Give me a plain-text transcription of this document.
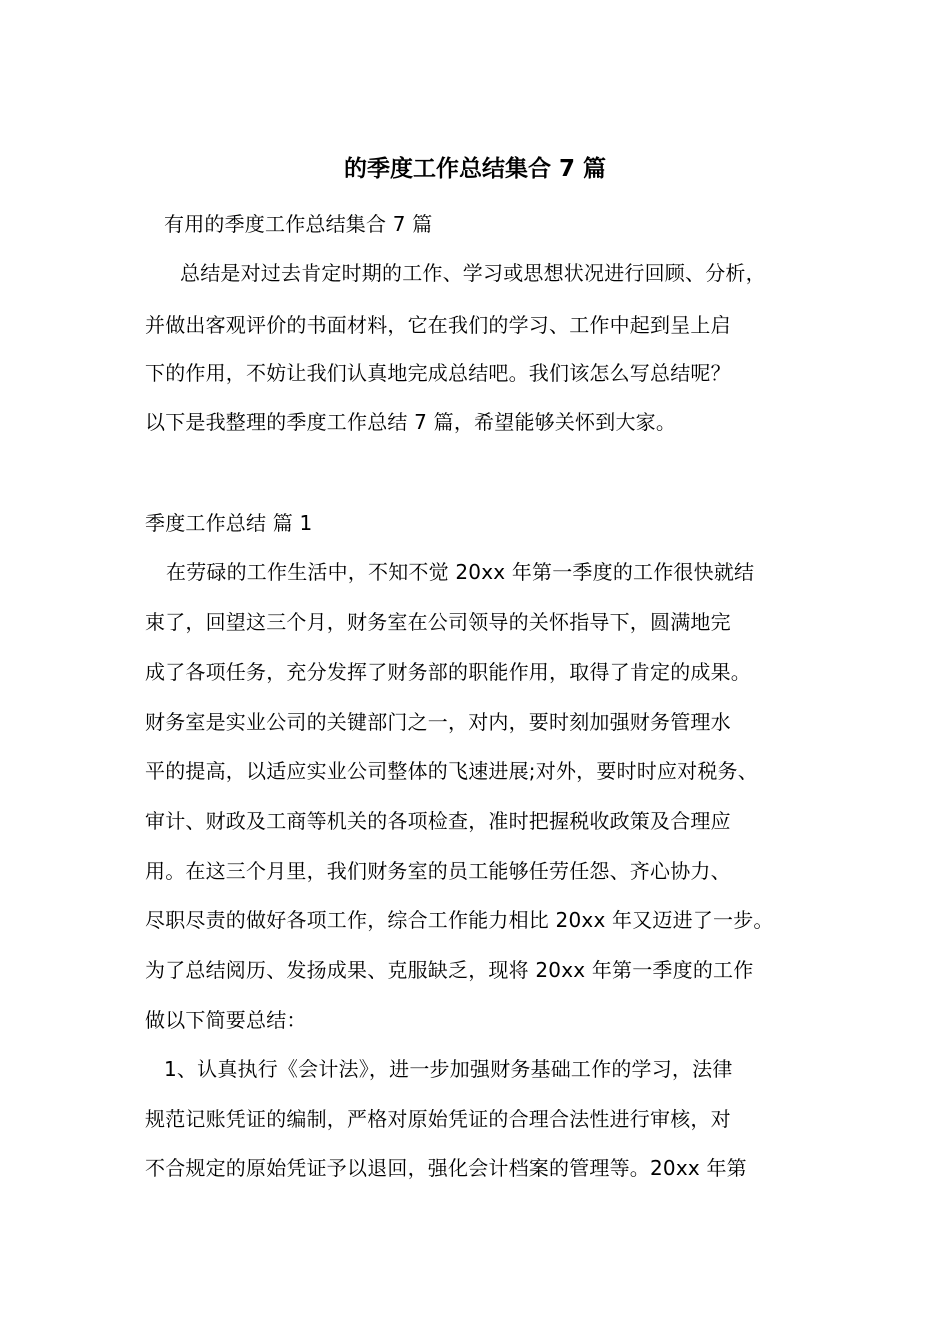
的季度工作总结集合 7 篇
有用的季度工作总结集合 7 篇
总结是对过去肯定时期的工作、学习或思想状况进行回顾、分析，
并做出客观评价的书面材料，它在我们的学习、工作中起到呈上启
下的作用，不妨让我们认真地完成总结吧。我们该怎么写总结呢？
以下是我整理的季度工作总结 7 篇，希望能够关怀到大家。
季度工作总结 篇 1
在劳碌的工作生活中，不知不觉 20xx 年第一季度的工作很快就结
束了，回望这三个月，财务室在公司领导的关怀指导下，圆满地完
成了各项任务，充分发挥了财务部的职能作用，取得了肯定的成果。
财务室是实业公司的关键部门之一，对内，要时刻加强财务管理水
平的提高，以适应实业公司整体的飞速进展;对外，要时时应对税务、
审计、财政及工商等机关的各项检查，准时把握税收政策及合理应
用。在这三个月里，我们财务室的员工能够任劳任怨、齐心协力、
尽职尽责的做好各项工作，综合工作能力相比 20xx 年又迈进了一步。
为了总结阅历、发扬成果、克服缺乏，现将 20xx 年第一季度的工作
做以下简要总结：
1、认真执行《会计法》，进一步加强财务基础工作的学习，法律
规范记账凭证的编制，严格对原始凭证的合理合法性进行审核，对
不合规定的原始凭证予以退回，强化会计档案的管理等。20xx 年第
